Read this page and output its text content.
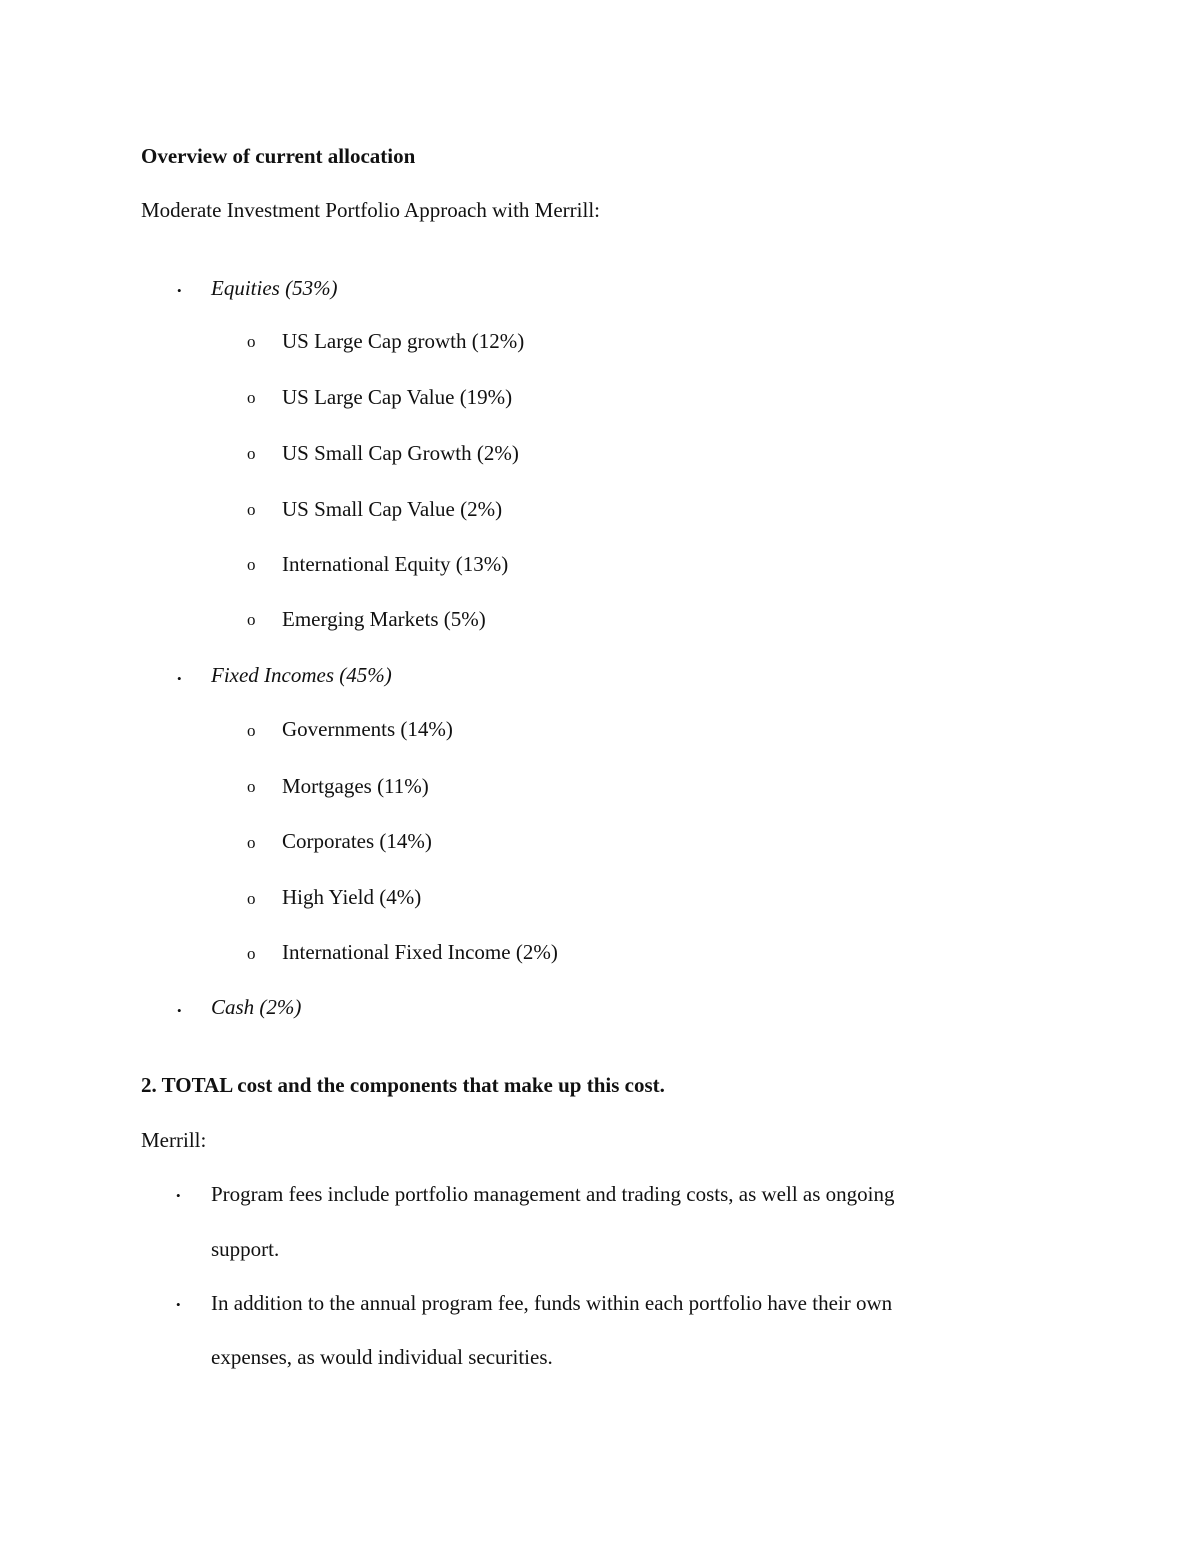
Overview of current allocation
Moderate Investment Portfolio Approach with Merrill:
• Equities (53%)
o US Large Cap growth (12%)
o US Large Cap Value (19%)
o US Small Cap Growth (2%)
o US Small Cap Value (2%)
o International Equity (13%)
o Emerging Markets (5%)
• Fixed Incomes (45%)
o Governments (14%)
o Mortgages (11%)
o Corporates (14%)
o High Yield (4%)
o International Fixed Income (2%)
• Cash (2%)
2. TOTAL cost and the components that make up this cost.
Merrill:
• Program fees include portfolio management and trading costs, as well as ongoing
support.
• In addition to the annual program fee, funds within each portfolio have their own
expenses, as would individual securities.
